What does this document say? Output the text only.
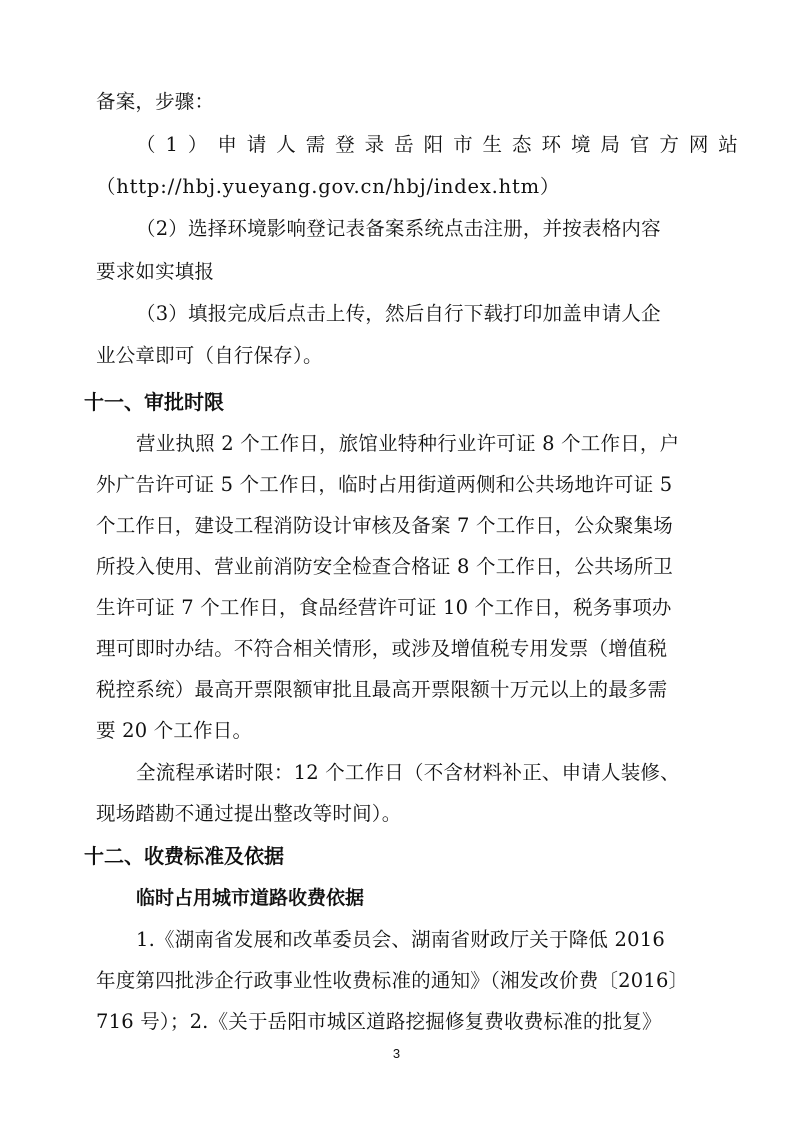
备案，步骤：
（ 1 ） 申 请 人 需 登 录 岳 阳 市 生 态 环 境 局 官 方 网 站
（http://hbj.yueyang.gov.cn/hbj/index.htm）
（2）选择环境影响登记表备案系统点击注册，并按表格内容
要求如实填报
（3）填报完成后点击上传，然后自行下载打印加盖申请人企
业公章即可（自行保存）。
十一、审批时限
营业执照 2 个工作日，旅馆业特种行业许可证 8 个工作日，户
外广告许可证 5 个工作日，临时占用街道两侧和公共场地许可证 5
个工作日，建设工程消防设计审核及备案 7 个工作日，公众聚集场
所投入使用、营业前消防安全检查合格证 8 个工作日，公共场所卫
生许可证 7 个工作日，食品经营许可证 10 个工作日，税务事项办
理可即时办结。不符合相关情形，或涉及增值税专用发票（增值税
税控系统）最高开票限额审批且最高开票限额十万元以上的最多需
要 20 个工作日。
全流程承诺时限：12 个工作日（不含材料补正、申请人装修、
现场踏勘不通过提出整改等时间）。
十二、收费标准及依据
临时占用城市道路收费依据
1.《湖南省发展和改革委员会、湖南省财政厅关于降低 2016
年度第四批涉企行政事业性收费标准的通知》（湘发改价费〔2016〕
716 号）；2.《关于岳阳市城区道路挖掘修复费收费标准的批复》
3
